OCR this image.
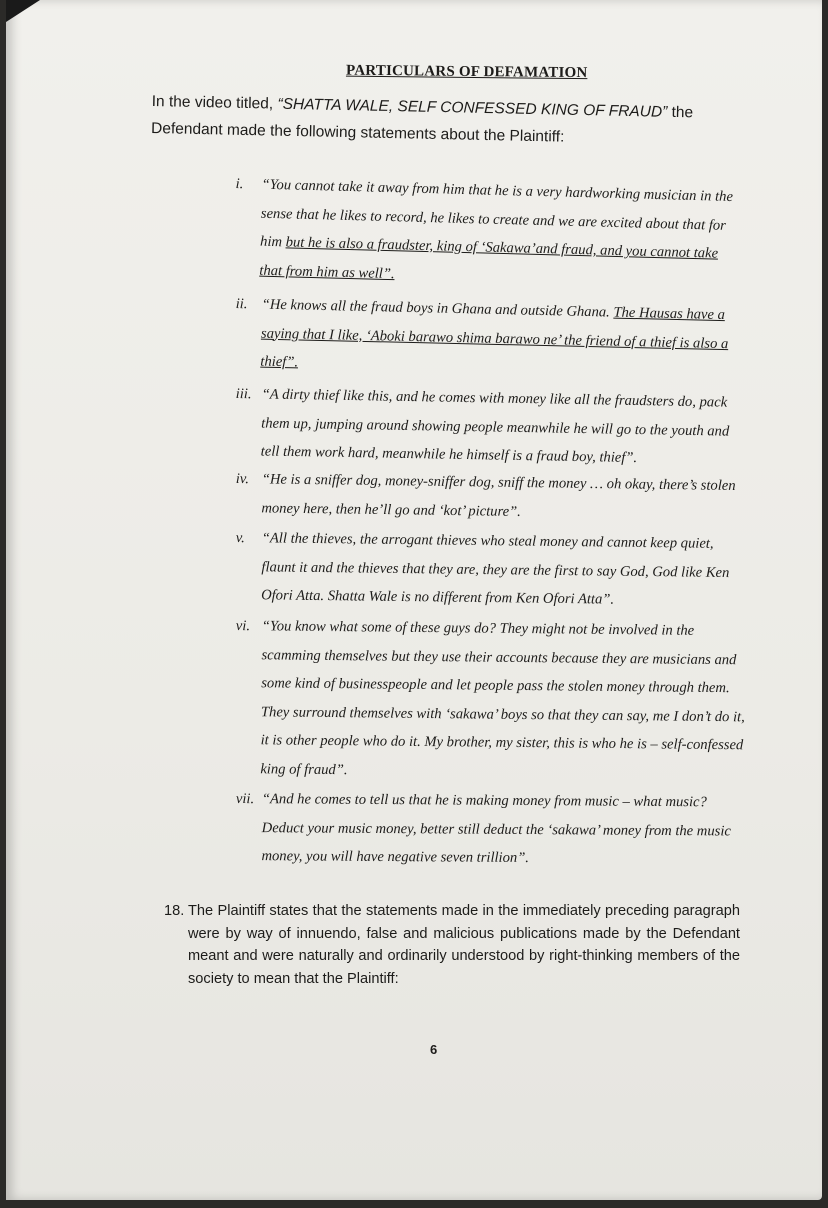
PARTICULARS OF DEFAMATION
In the video titled, “SHATTA WALE, SELF CONFESSED KING OF FRAUD” the Defendant made the following statements about the Plaintiff:
i.	“You cannot take it away from him that he is a very hardworking musician in the sense that he likes to record, he likes to create and we are excited about that for him but he is also a fraudster, king of ‘Sakawa’and fraud, and you cannot take that from him as well”.
ii. “He knows all the fraud boys in Ghana and outside Ghana. The Hausas have a saying that I like, ‘Aboki barawo shima barawo ne’ the friend of a thief is also a thief”.
iii. “A dirty thief like this, and he comes with money like all the fraudsters do, pack them up, jumping around showing people meanwhile he will go to the youth and tell them work hard, meanwhile he himself is a fraud boy, thief”.
iv. “He is a sniffer dog, money-sniffer dog, sniff the money … oh okay, there’s stolen money here, then he’ll go and ‘kot’ picture”.
v.	“All the thieves, the arrogant thieves who steal money and cannot keep quiet, flaunt it and the thieves that they are, they are the first to say God, God like Ken Ofori Atta. Shatta Wale is no different from Ken Ofori Atta”.
vi. “You know what some of these guys do? They might not be involved in the scamming themselves but they use their accounts because they are musicians and some kind of businesspeople and let people pass the stolen money through them. They surround themselves with ‘sakawa’ boys so that they can say, me I don’t do it, it is other people who do it. My brother, my sister, this is who he is – self-confessed king of fraud”.
vii. “And he comes to tell us that he is making money from music – what music? Deduct your music money, better still deduct the ‘sakawa’ money from the music money, you will have negative seven trillion”.
18. The Plaintiff states that the statements made in the immediately preceding paragraph were by way of innuendo, false and malicious publications made by the Defendant meant and were naturally and ordinarily understood by right-thinking members of the society to mean that the Plaintiff:
6
